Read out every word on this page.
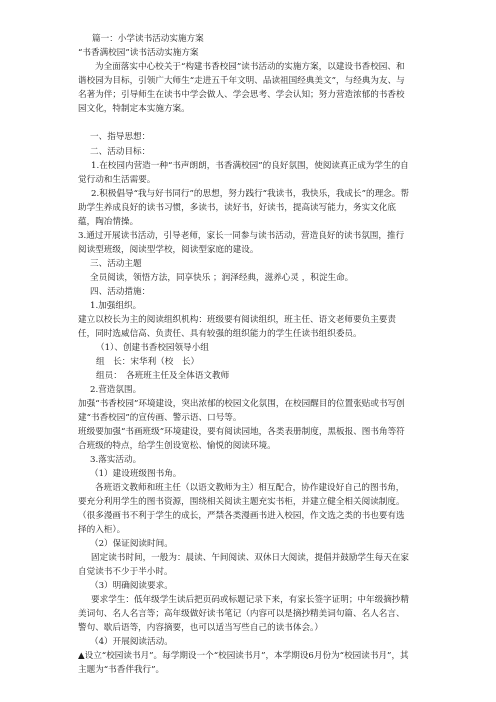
篇一：小学读书活动实施方案

“书香满校园”读书活动实施方案

为全面落实中心校关于“构建书香校园”读书活动的实施方案，以建设书香校园、和谐校园为目标，引领广大师生“走进五千年文明、品读祖国经典美文”，与经典为友、与名著为伴；引导师生在读书中学会做人、学会思考、学会认知；努力营造浓郁的书香校园文化，特制定本实施方案。

一、指导思想：

二、活动目标：

1.在校园内营造一种“书声朗朗，书香满校园”的良好氛围，使阅读真正成为学生的自觉行动和生活需要。

2.积极倡导“我与好书同行”的思想，努力践行“我读书，我快乐，我成长”的理念。帮助学生养成良好的读书习惯，多读书，读好书，好读书，提高读写能力，务实文化底蕴，陶冶情操。

3.通过开展读书活动，引导老师，家长一同参与读书活动，营造良好的读书氛围，推行阅读型班级，阅读型学校，阅读型家庭的建设。

三、活动主题

全员阅读，领悟方法，同享快乐 ；润泽经典，滋养心灵 ，积淀生命。

四、活动措施：

1.加强组织。

建立以校长为主的阅读组织机构：班级要有阅读组织，班主任、语文老师要负主要责任，同时选威信高、负责任、具有较强的组织能力的学生任读书组织委员。

（1）、创建书香校园领导小组

组　长：宋华利（校　长）

组员：　各班班主任及全体语文教师

2.营造氛围。

加强“书香校园”环境建设，突出浓郁的校园文化氛围，在校园醒目的位置张贴或书写创建“书香校园”的宣传画、警示语、口号等。

班级要加强“书画班级”环境建设，要有阅读园地，各类表册制度，黑板报、图书角等符合班级的特点，给学生创设宽松、愉悦的阅读环境。

3.落实活动。

（1）建设班级图书角。

各班语文教师和班主任（以语文教师为主）相互配合，协作建设好自己的图书角，要充分利用学生的图书资源，围绕相关阅读主题充实书柜，并建立健全相关阅读制度。（很多漫画书不利于学生的成长，严禁各类漫画书进入校园，作文选之类的书也要有选择的入柜）。

（2）保证阅读时间。

固定读书时间，一般为：晨读、午间阅读、双休日大阅读，提倡并鼓励学生每天在家自觉读书不少于半小时。

（3）明确阅读要求。

要求学生：低年级学生读后把页码或标题记录下来，有家长签字证明；中年级摘抄精美词句、名人名言等；高年级做好读书笔记（内容可以是摘抄精美词句篇、名人名言、警句、歇后语等，内容摘要，也可以适当写些自己的读书体会。）

（4）开展阅读活动。

▲设立“校园读书月”。每学期设一个“校园读书月”，本学期设6月份为“校园读书月”，其主题为“书香伴我行”。
